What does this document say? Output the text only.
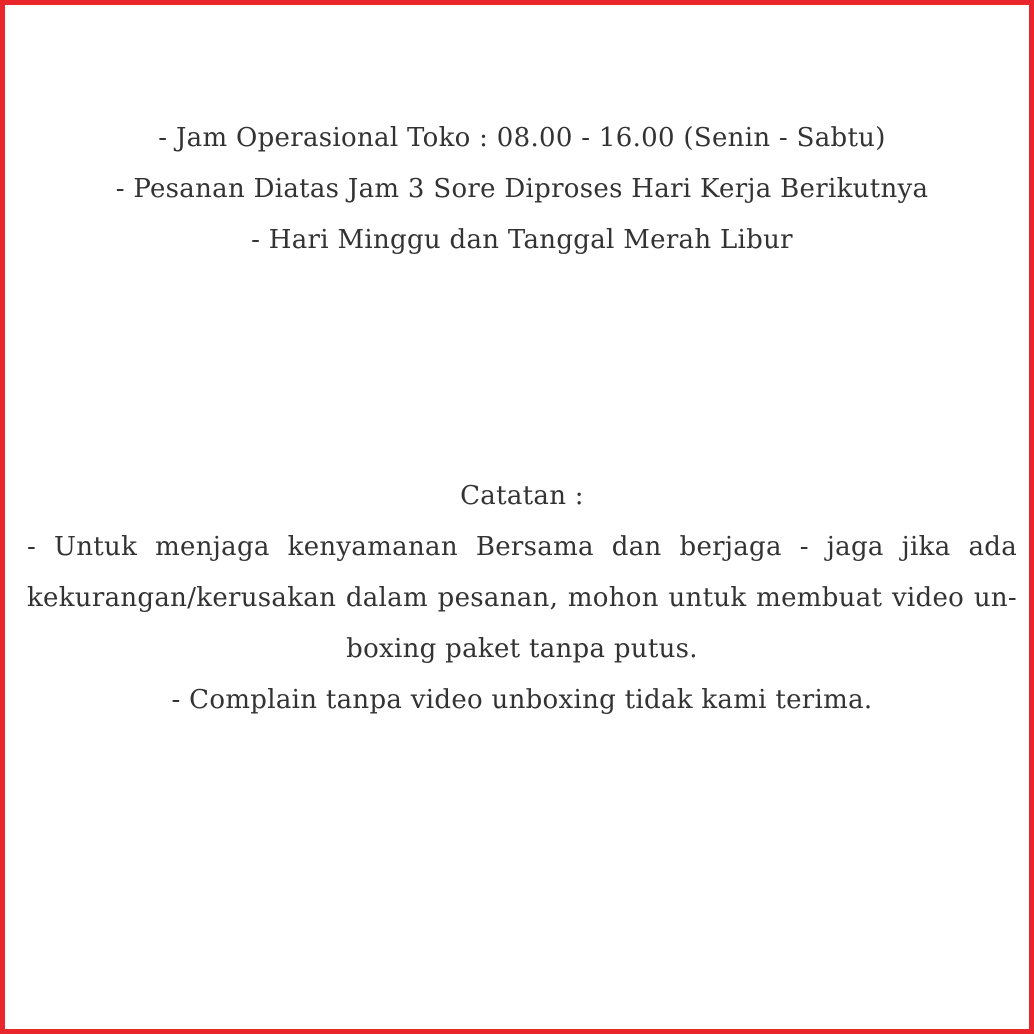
- Jam Operasional Toko : 08.00 - 16.00 (Senin - Sabtu)
- Pesanan Diatas Jam 3 Sore Diproses Hari Kerja Berikutnya
- Hari Minggu dan Tanggal Merah Libur
Catatan :
- Untuk menjaga kenyamanan Bersama dan berjaga - jaga jika ada kekurangan/kerusakan dalam pesanan, mohon untuk membuat video un-boxing paket tanpa putus.
- Complain tanpa video unboxing tidak kami terima.
